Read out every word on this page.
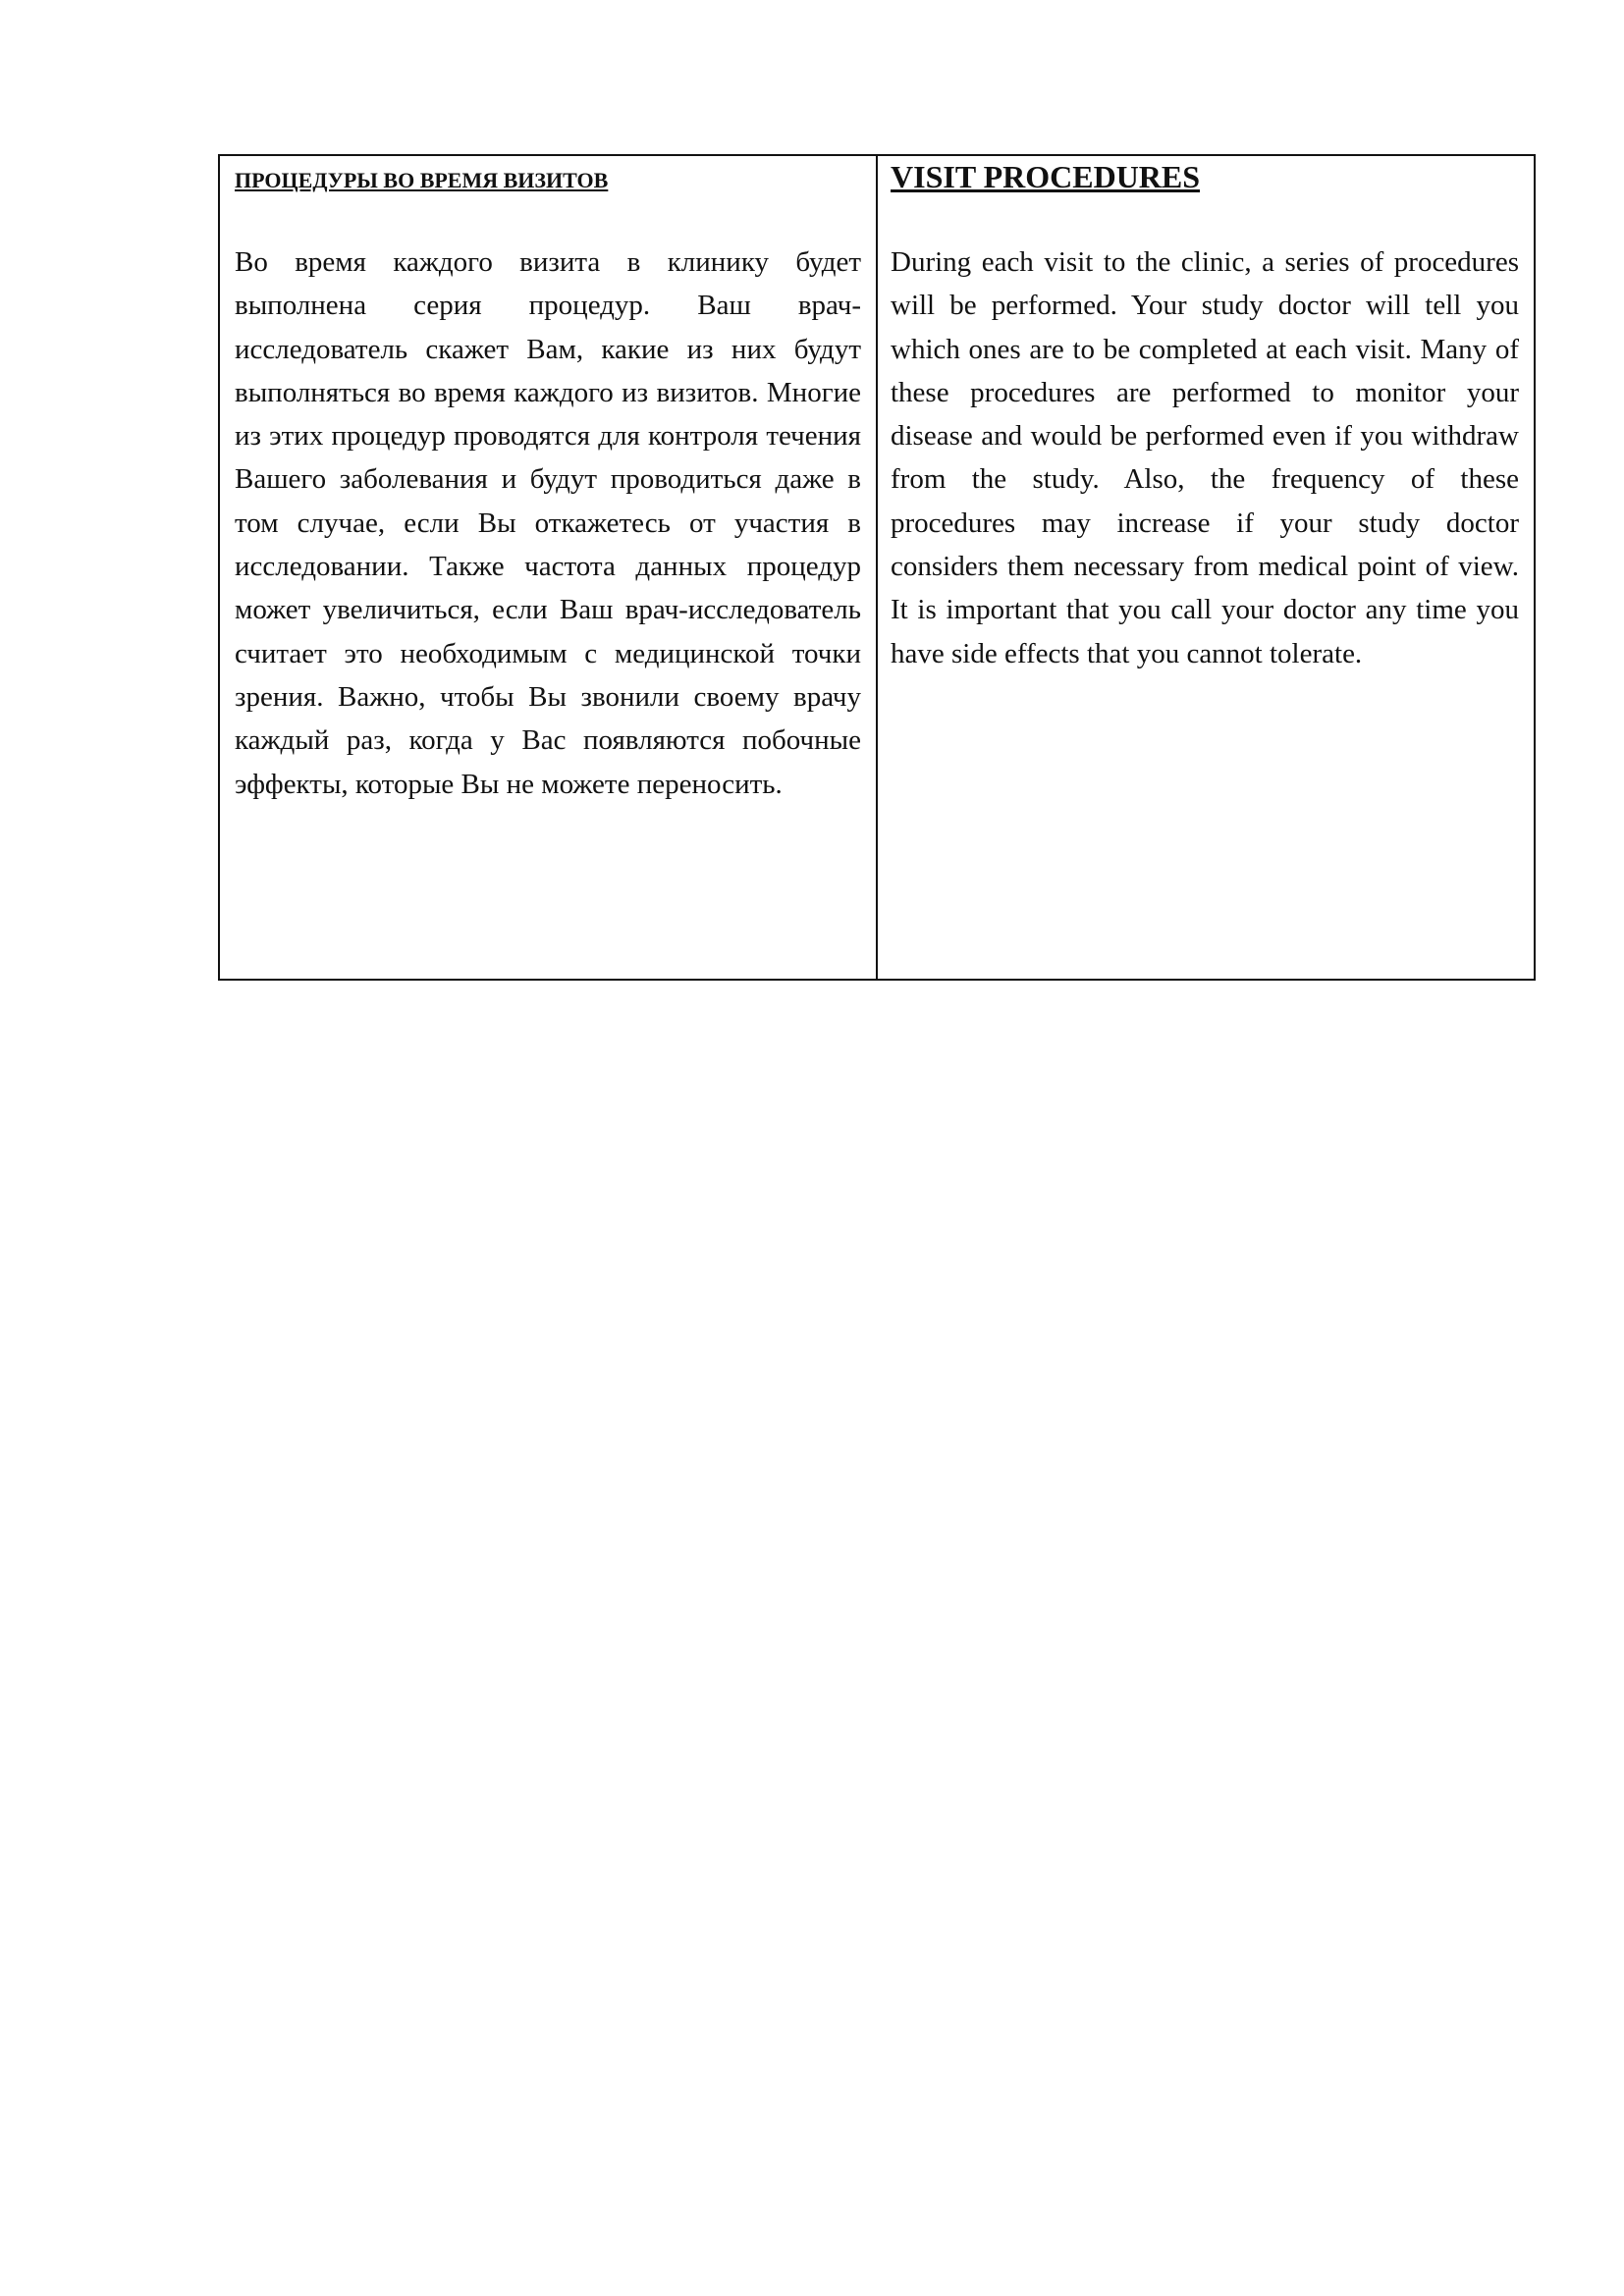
ПРОЦЕДУРЫ ВО ВРЕМЯ ВИЗИТОВ
Во время каждого визита в клинику будет выполнена серия процедур. Ваш врач-исследователь скажет Вам, какие из них будут выполняться во время каждого из визитов. Многие из этих процедур проводятся для контроля течения Вашего заболевания и будут проводиться даже в том случае, если Вы откажетесь от участия в исследовании. Также частота данных процедур может увеличиться, если Ваш врач-исследователь считает это необходимым с медицинской точки зрения. Важно, чтобы Вы звонили своему врачу каждый раз, когда у Вас появляются побочные эффекты, которые Вы не можете переносить.

VISIT PROCEDURES
During each visit to the clinic, a series of procedures will be performed. Your study doctor will tell you which ones are to be completed at each visit. Many of these procedures are performed to monitor your disease and would be performed even if you withdraw from the study. Also, the frequency of these procedures may increase if your study doctor considers them necessary from medical point of view. It is important that you call your doctor any time you have side effects that you cannot tolerate.
